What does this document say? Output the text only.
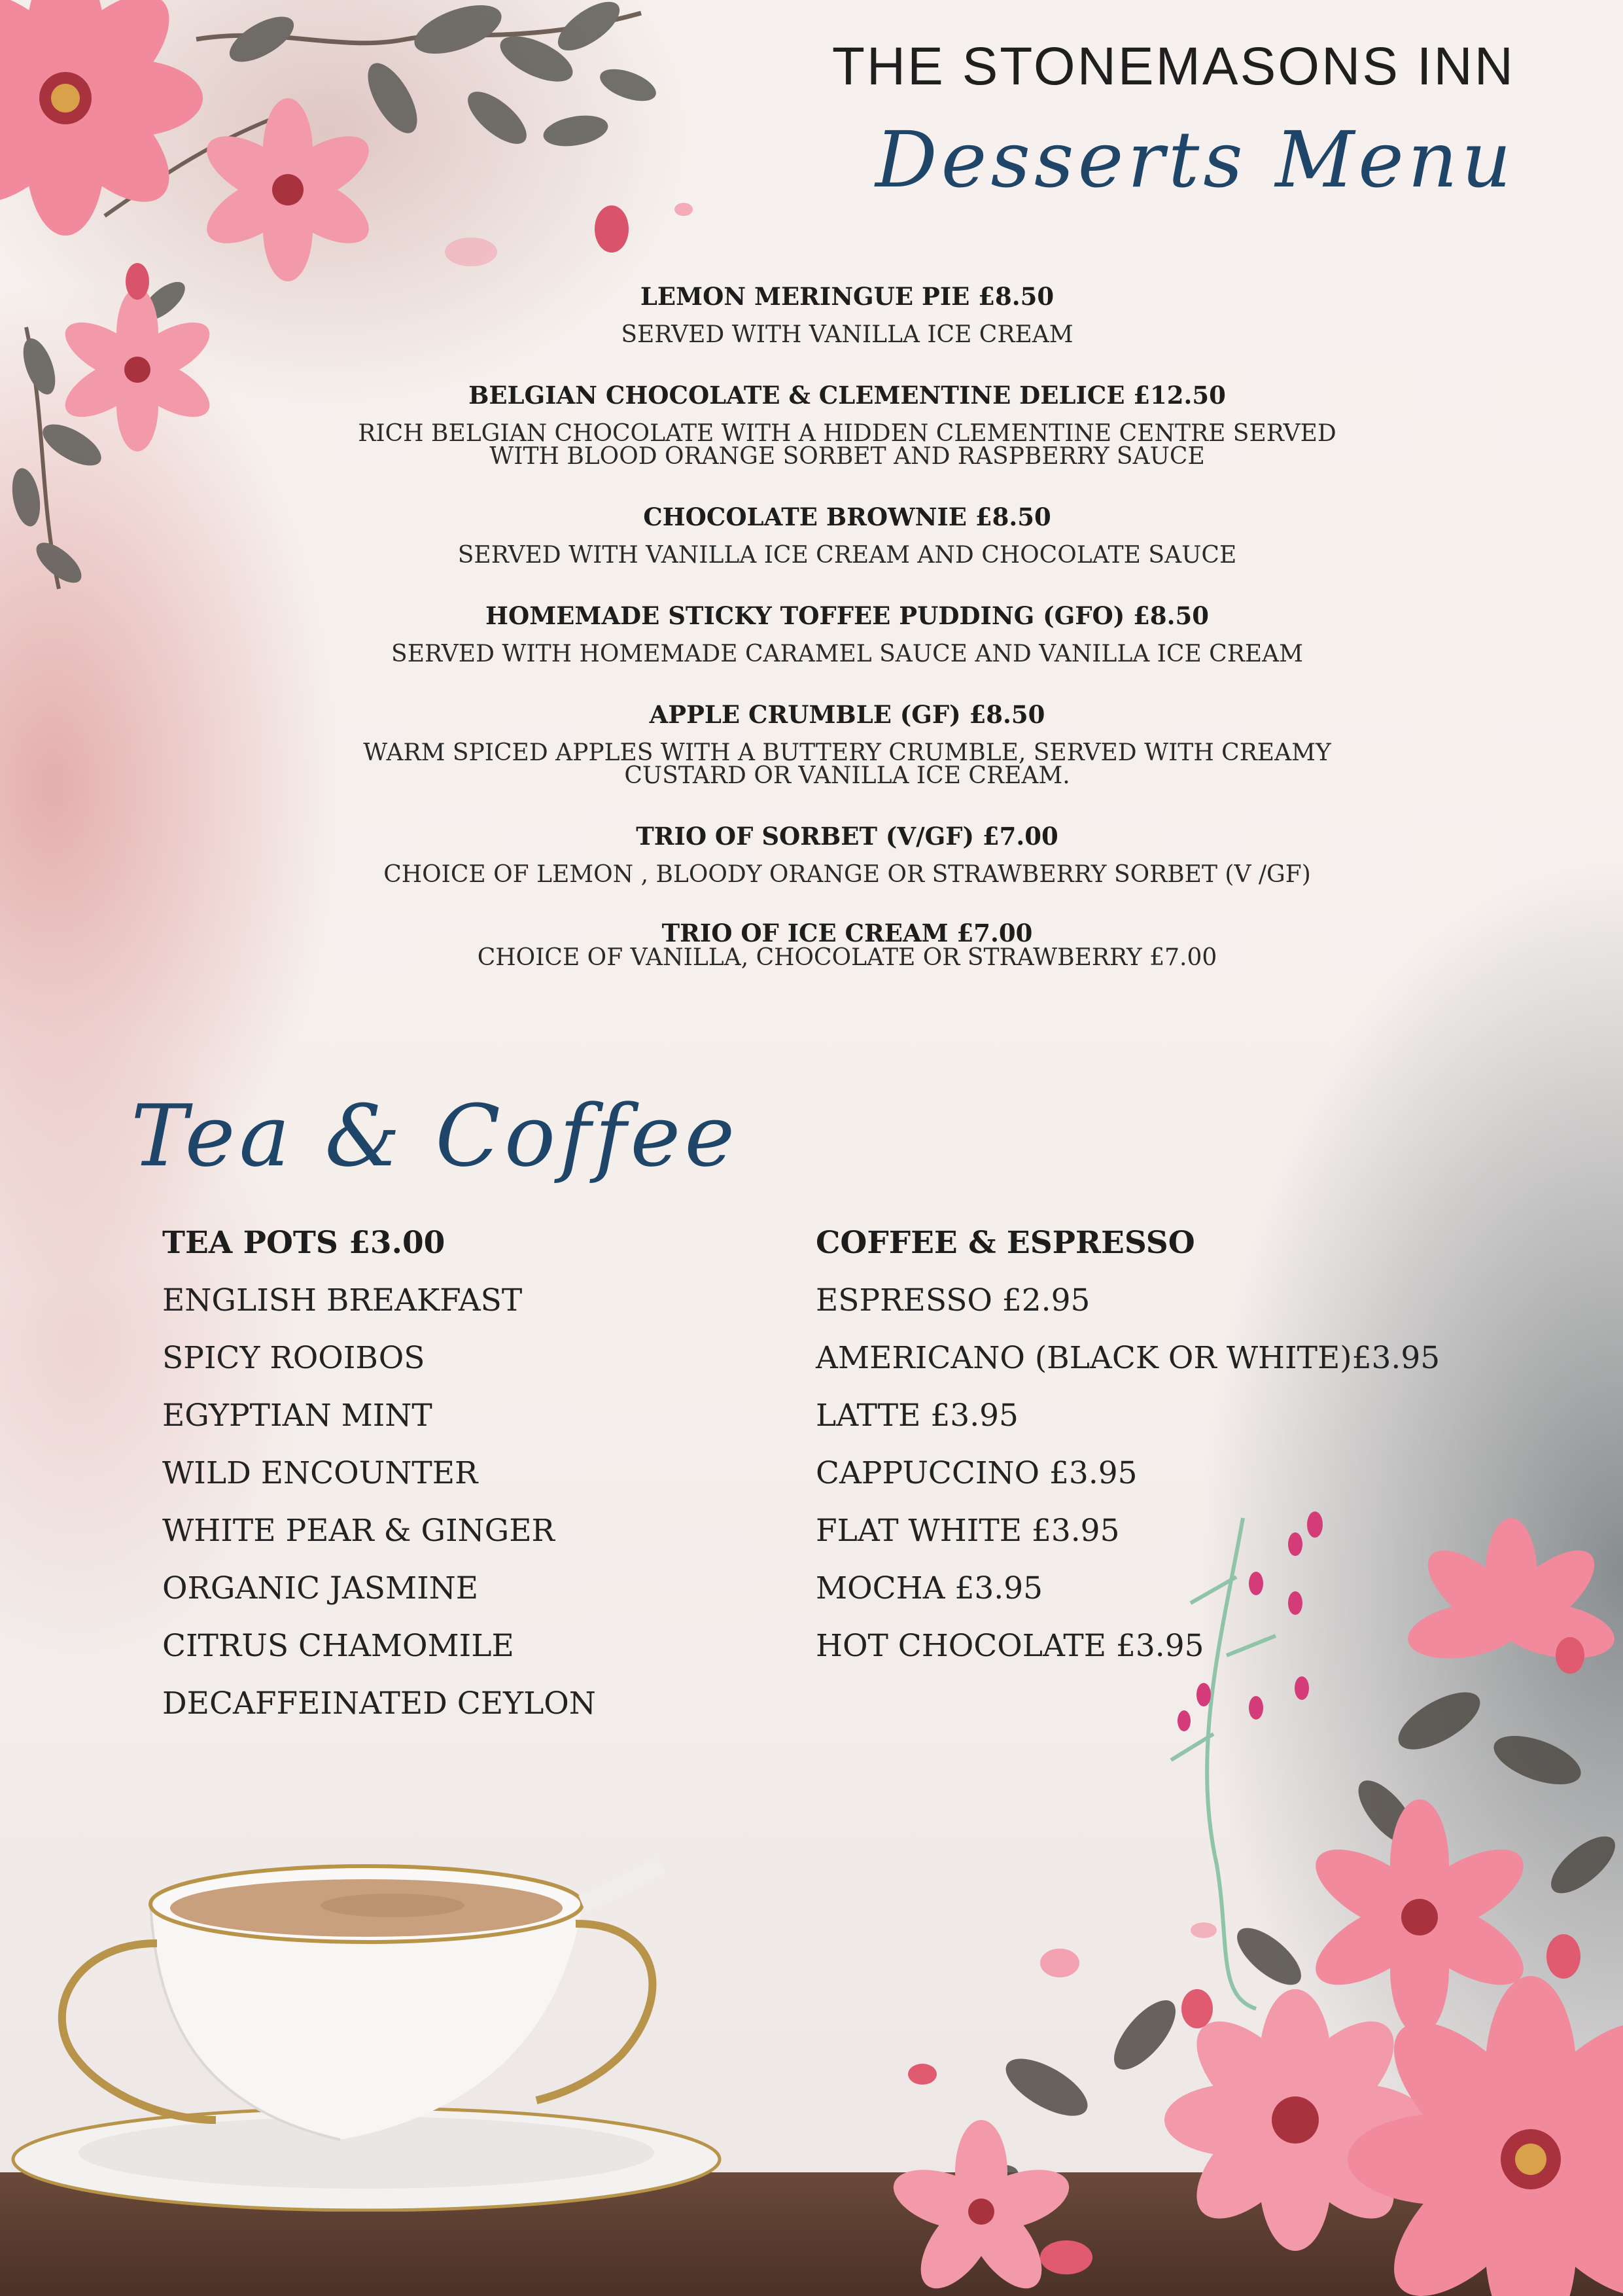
THE STONEMASONS INN
Desserts Menu

LEMON MERINGUE PIE £8.50

SERVED WITH VANILLA ICE CREAM

BELGIAN CHOCOLATE & CLEMENTINE DELICE £12.50

RICH BELGIAN CHOCOLATE WITH A HIDDEN CLEMENTINE CENTRE SERVED

WITH BLOOD ORANGE SORBET AND RASPBERRY SAUCE

CHOCOLATE BROWNIE £8.50

SERVED WITH VANILLA ICE CREAM AND CHOCOLATE SAUCE

HOMEMADE STICKY TOFFEE PUDDING (GFO) £8.50

SERVED WITH HOMEMADE CARAMEL SAUCE AND VANILLA ICE CREAM

APPLE CRUMBLE (GF) £8.50

WARM SPICED APPLES WITH A BUTTERY CRUMBLE, SERVED WITH CREAMY

CUSTARD OR VANILLA ICE CREAM.

TRIO OF SORBET (V/GF) £7.00

CHOICE OF LEMON , BLOODY ORANGE OR STRAWBERRY SORBET (V /GF)

TRIO OF ICE CREAM £7.00

CHOICE OF VANILLA, CHOCOLATE OR STRAWBERRY £7.00

Tea & Coffee

TEA POTS £3.00

ENGLISH BREAKFAST
SPICY ROOIBOS
EGYPTIAN MINT
WILD ENCOUNTER
WHITE PEAR & GINGER
ORGANIC JASMINE
CITRUS CHAMOMILE
DECAFFEINATED CEYLON

COFFEE & ESPRESSO

ESPRESSO £2.95
AMERICANO (BLACK OR WHITE)£3.95
LATTE £3.95
CAPPUCCINO £3.95
FLAT WHITE £3.95
MOCHA £3.95
HOT CHOCOLATE £3.95
